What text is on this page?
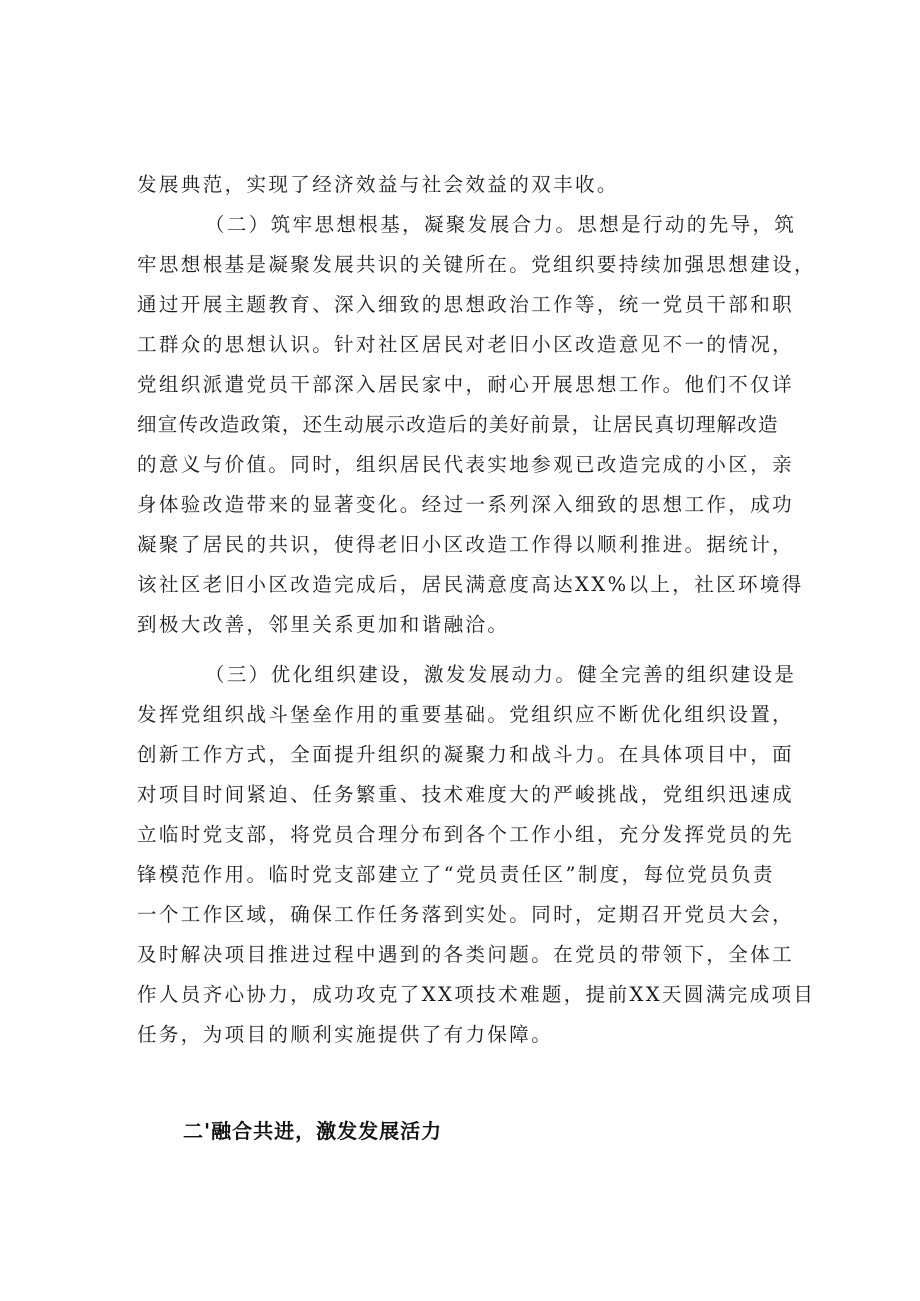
发展典范，实现了经济效益与社会效益的双丰收。
（二）筑牢思想根基，凝聚发展合力。思想是行动的先导，筑
牢思想根基是凝聚发展共识的关键所在。党组织要持续加强思想建设，
通过开展主题教育、深入细致的思想政治工作等，统一党员干部和职
工群众的思想认识。针对社区居民对老旧小区改造意见不一的情况，
党组织派遣党员干部深入居民家中，耐心开展思想工作。他们不仅详
细宣传改造政策，还生动展示改造后的美好前景，让居民真切理解改造
的意义与价值。同时，组织居民代表实地参观已改造完成的小区，亲
身体验改造带来的显著变化。经过一系列深入细致的思想工作，成功
凝聚了居民的共识，使得老旧小区改造工作得以顺利推进。据统计，
该社区老旧小区改造完成后，居民满意度高达XX%以上，社区环境得
到极大改善，邻里关系更加和谐融洽。
（三）优化组织建设，激发发展动力。健全完善的组织建设是
发挥党组织战斗堡垒作用的重要基础。党组织应不断优化组织设置，
创新工作方式，全面提升组织的凝聚力和战斗力。在具体项目中，面
对项目时间紧迫、任务繁重、技术难度大的严峻挑战，党组织迅速成
立临时党支部，将党员合理分布到各个工作小组，充分发挥党员的先
锋模范作用。临时党支部建立了“党员责任区”制度，每位党员负责
一个工作区域，确保工作任务落到实处。同时，定期召开党员大会，
及时解决项目推进过程中遇到的各类问题。在党员的带领下，全体工
作人员齐心协力，成功攻克了XX项技术难题，提前XX天圆满完成项目
任务，为项目的顺利实施提供了有力保障。
二'融合共进，激发发展活力
